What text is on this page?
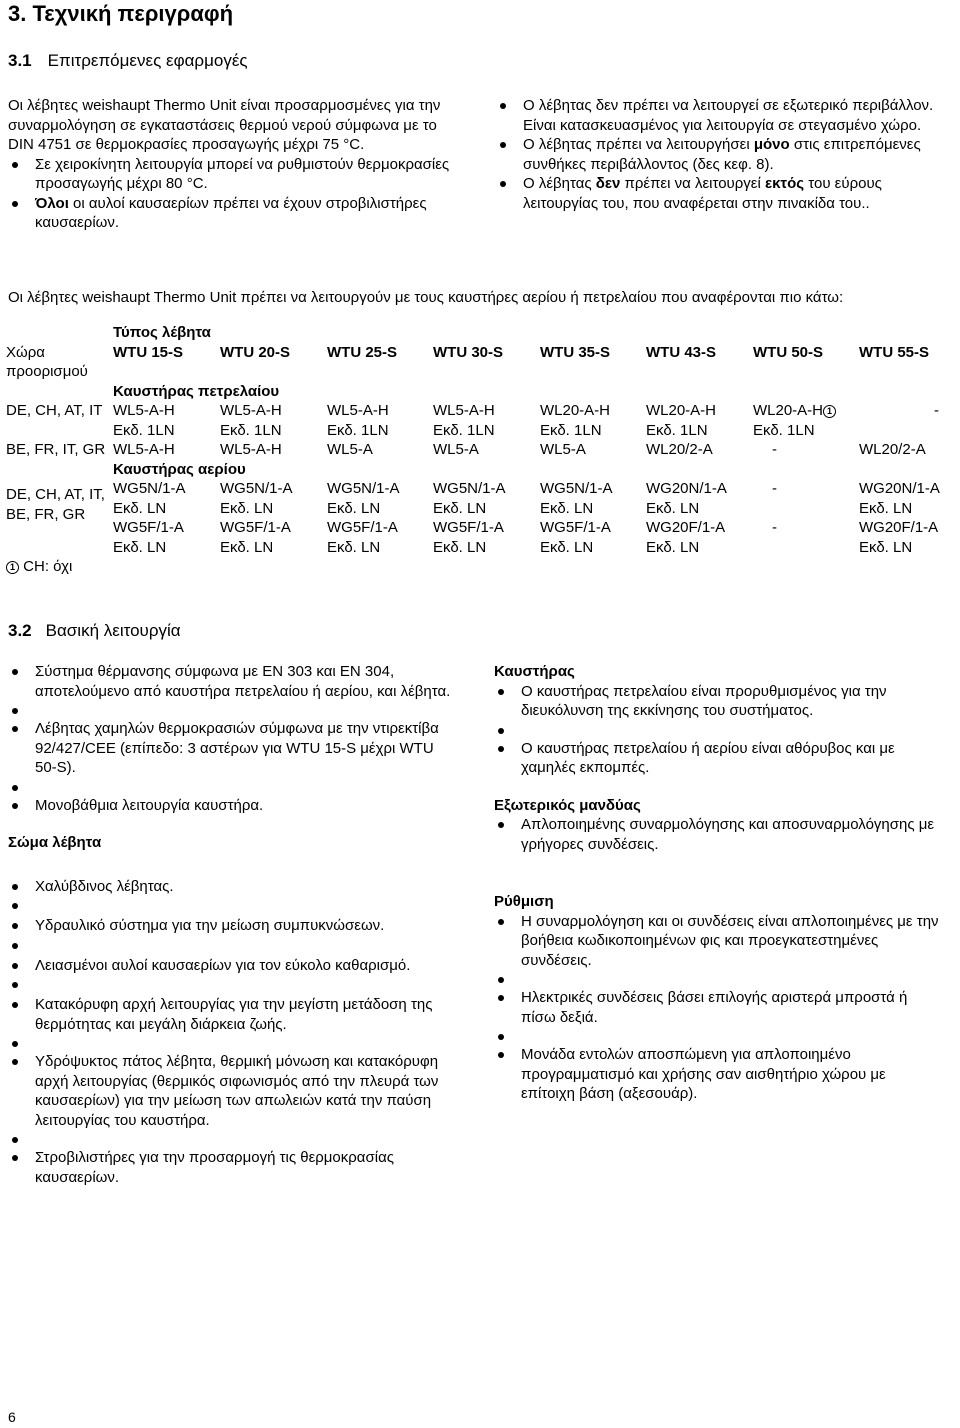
3. Τεχνική περιγραφή
3.1 Επιτρεπόμενες εφαρμογές

Οι λέβητες weishaupt Thermo Unit είναι προσαρμοσμένες για την συναρμολόγηση σε εγκαταστάσεις θερμού νερού σύμφωνα με το DIN 4751 σε θερμοκρασίες προσαγωγής μέχρι 75 °C.

Σε χειροκίνητη λειτουργία μπορεί να ρυθμιστούν θερμοκρασίες προσαγωγής μέχρι 80 °C.
Όλοι οι αυλοί καυσαερίων πρέπει να έχουν στροβιλιστήρες καυσαερίων.
Ο λέβητας δεν πρέπει να λειτουργεί σε εξωτερικό περιβάλλον. Είναι κατασκευασμένος για λειτουργία σε στεγασμένο χώρο.
Ο λέβητας πρέπει να λειτουργήσει μόνο στις επιτρεπόμενες συνθήκες περιβάλλοντος (δες κεφ. 8).
Ο λέβητας δεν πρέπει να λειτουργεί εκτός του εύρους λειτουργίας του, που αναφέρεται στην πινακίδα του..

Οι λέβητες weishaupt Thermo Unit πρέπει να λειτουργούν με τους καυστήρες αερίου ή πετρελαίου που αναφέρονται πιο κάτω:

	Τύπος λέβητα							
Χώρα προορισμού	WTU 15-S	WTU 20-S	WTU 25-S	WTU 30-S	WTU 35-S	WTU 43-S	WTU 50-S	WTU 55-S

	Καυστήρας πετρελαίου							
DE, CH, AT, IT	WL5-A-H	WL5-A-H	WL5-A-H	WL5-A-H	WL20-A-H	WL20-A-H	WL20-A-H 1	-
	Εκδ. 1LN	Εκδ. 1LN	Εκδ. 1LN	Εκδ. 1LN	Εκδ. 1LN	Εκδ. 1LN	Εκδ. 1LN	
BE, FR, IT, GR	WL5-A-H	WL5-A-H	WL5-A	WL5-A	WL5-A	WL20/2-A	-	WL20/2-A

	Καυστήρας αερίου							
DE, CH, AT, IT, BE, FR, GR	WG5N/1-A	WG5N/1-A	WG5N/1-A	WG5N/1-A	WG5N/1-A	WG20N/1-A	-	WG20N/1-A
	Εκδ. LN	Εκδ. LN	Εκδ. LN	Εκδ. LN	Εκδ. LN	Εκδ. LN		Εκδ. LN
	WG5F/1-A	WG5F/1-A	WG5F/1-A	WG5F/1-A	WG5F/1-A	WG20F/1-A	-	WG20F/1-A
	Εκδ. LN	Εκδ. LN	Εκδ. LN	Εκδ. LN	Εκδ. LN	Εκδ. LN		Εκδ. LN
1 CH: όχι								
3.2 Βασική λειτουργία
Σύστημα θέρμανσης σύμφωνα με ΕΝ 303 και ΕΝ 304, αποτελούμενο από καυστήρα πετρελαίου ή αερίου, και λέβητα.
Λέβητας χαμηλών θερμοκρασιών σύμφωνα με την ντιρεκτίβα 92/427/CEE (επίπεδο: 3 αστέρων για WTU 15-S μέχρι WTU 50-S).
Μονοβάθμια λειτουργία καυστήρα.

Σώμα λέβητα

Χαλύβδινος λέβητας.
Υδραυλικό σύστημα για την μείωση συμπυκνώσεων.
Λειασμένοι αυλοί καυσαερίων για τον εύκολο καθαρισμό.
Κατακόρυφη αρχή λειτουργίας για την μεγίστη μετάδοση της θερμότητας και μεγάλη διάρκεια ζωής.
Υδρόψυκτος πάτος λέβητα, θερμική μόνωση και κατακόρυφη αρχή λειτουργίας (θερμικός σιφωνισμός από την πλευρά των καυσαερίων) για την μείωση των απωλειών κατά την παύση λειτουργίας του καυστήρα.
Στροβιλιστήρες για την προσαρμογή τις θερμοκρασίας καυσαερίων.

Καυστήρας

Ο καυστήρας πετρελαίου είναι προρυθμισμένος για την διευκόλυνση της εκκίνησης του συστήματος.
Ο καυστήρας πετρελαίου ή αερίου είναι αθόρυβος και με χαμηλές εκπομπές.

Εξωτερικός μανδύας

Απλοποιημένης συναρμολόγησης και αποσυναρμολόγησης με γρήγορες συνδέσεις.

Ρύθμιση

Η συναρμολόγηση και οι συνδέσεις είναι απλοποιημένες με την βοήθεια κωδικοποιημένων φις και προεγκατεστημένες συνδέσεις.
Ηλεκτρικές συνδέσεις βάσει επιλογής αριστερά μπροστά ή πίσω δεξιά.
Μονάδα εντολών αποσπώμενη για απλοποιημένο προγραμματισμό και χρήσης σαν αισθητήριο χώρου με επίτοιχη βάση (αξεσουάρ).
6
